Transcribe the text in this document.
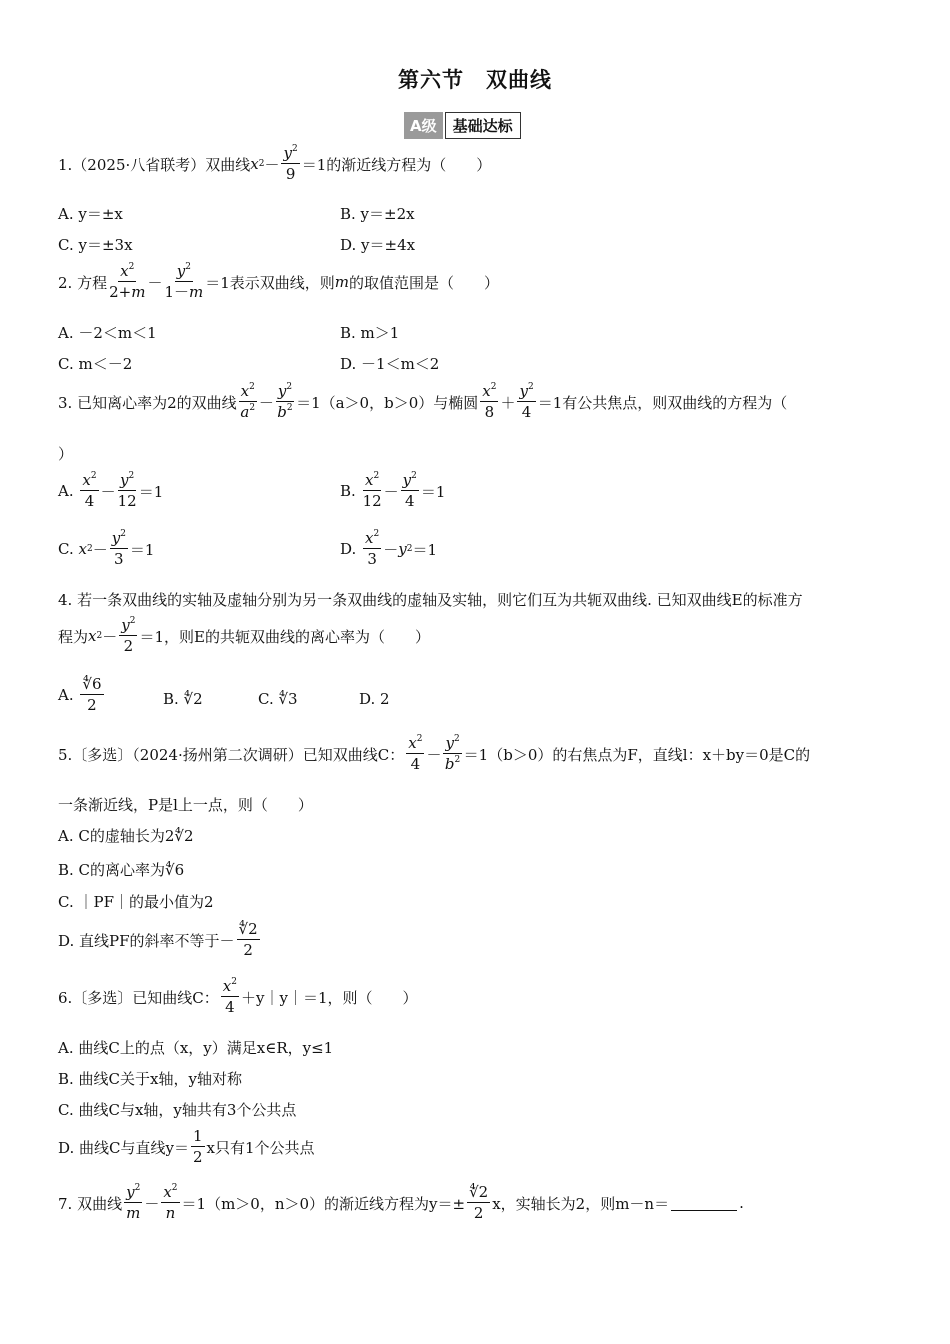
第六节　双曲线
A级	基础达标
1.（2025·八省联考）双曲线 x $2 - \frac{y^2}{9} =1$的渐近线方程为（　　）
A. y＝±x	B. y＝±2x
C. y＝±3x	D. y＝±4x
2. 方程 $\frac{x^2}{2+m} - \frac{y^2}{1-m} =1$表示双曲线，则 m 的取值范围是（　　）
A. －2＜m＜1	B. m＞1
C. m＜－2	D. －1＜m＜2
3. 已知离心率为2的双曲线 $\frac{x^2}{a^2} - \frac{y^2}{b^2} =1(a>0$，b＞0）与椭圆 $\frac{x^2}{8} + \frac{y^2}{4} =1$有公共焦点，则双曲线的方程为（
）
A. $\frac{x^2}{4} - \frac{y^2}{12} =1$	B. $\frac{x^2}{12} - \frac{y^2}{4} =1$
C. x $2 - \frac{y^2}{3} =1$	D. $\frac{x^2}{3} - y$ 2 ＝1
4. 若一条双曲线的实轴及虚轴分别为另一条双曲线的虚轴及实轴，则它们互为共轭双曲线. 已知双曲线E的标准方
程为 x $2 - \frac{y^2}{2} =1$，则E的共轭双曲线的离心率为（　　）
A.
$\frac{∜6}{2}$	B. ∜2	C. ∜3	D. 2
5.〔多选〕（2024·扬州第二次调研）已知双曲线C： $\frac{x^2}{4} - \frac{y^2}{b^2} =1(b>0)$的右焦点为F，直线l：x＋by＝0是C的
一条渐近线，P是l上一点，则（　　）
A. C的虚轴长为2∜2
B. C的离心率为∜6
C. ｜PF｜的最小值为2
D. 直线PF的斜率不等于－ $\frac{∜2}{2}$
6.〔多选〕已知曲线C： $\frac{x^2}{4}$ ＋y｜y｜＝1，则（　　）
A. 曲线C上的点（x，y）满足x∈R，y≤1
B. 曲线C关于x轴，y轴对称
C. 曲线C与x轴，y轴共有3个公共点
D. 曲线C与直线$y= \frac{1}{2}$ x只有1个公共点
7. 双曲线 $\frac{y^2}{m} - \frac{x^2}{n} =1(m>0$，n＞0）的渐近线方程为$y=\pm \frac{∜2}{2}$ x，实轴长为2，则m－n＝	.
